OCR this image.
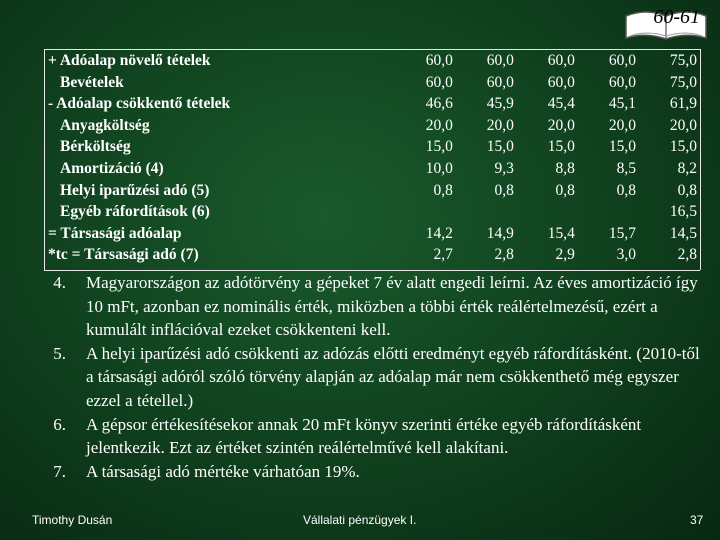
60-61
+ Adóalap növelő tételek	60,0	60,0	60,0	60,0	75,0
Bevételek	60,0	60,0	60,0	60,0	75,0
- Adóalap csökkentő tételek	46,6	45,9	45,4	45,1	61,9
Anyagköltség	20,0	20,0	20,0	20,0	20,0
Bérköltség	15,0	15,0	15,0	15,0	15,0
Amortizáció (4)	10,0	9,3	8,8	8,5	8,2
Helyi iparűzési adó (5)	0,8	0,8	0,8	0,8	0,8
Egyéb ráfordítások (6)					16,5
= Társasági adóalap	14,2	14,9	15,4	15,7	14,5
*tc = Társasági adó (7)	2,7	2,8	2,9	3,0	2,8
4. Magyarországon az adótörvény a gépeket 7 év alatt engedi leírni. Az éves amortizáció így 10 mFt, azonban ez nominális érték, miközben a többi érték reálértelmezésű, ezért a kumulált inflációval ezeket csökkenteni kell.
5. A helyi iparűzési adó csökkenti az adózás előtti eredményt egyéb ráfordításként. (2010-től a társasági adóról szóló törvény alapján az adóalap már nem csökkenthető még egyszer ezzel a tétellel.)
6. A gépsor értékesítésekor annak 20 mFt könyv szerinti értéke egyéb ráfordításként jelentkezik. Ezt az értéket szintén reálértelművé kell alakítani.
7. A társasági adó mértéke várhatóan 19%.
Timothy Dusán	Vállalati pénzügyek I.	37
